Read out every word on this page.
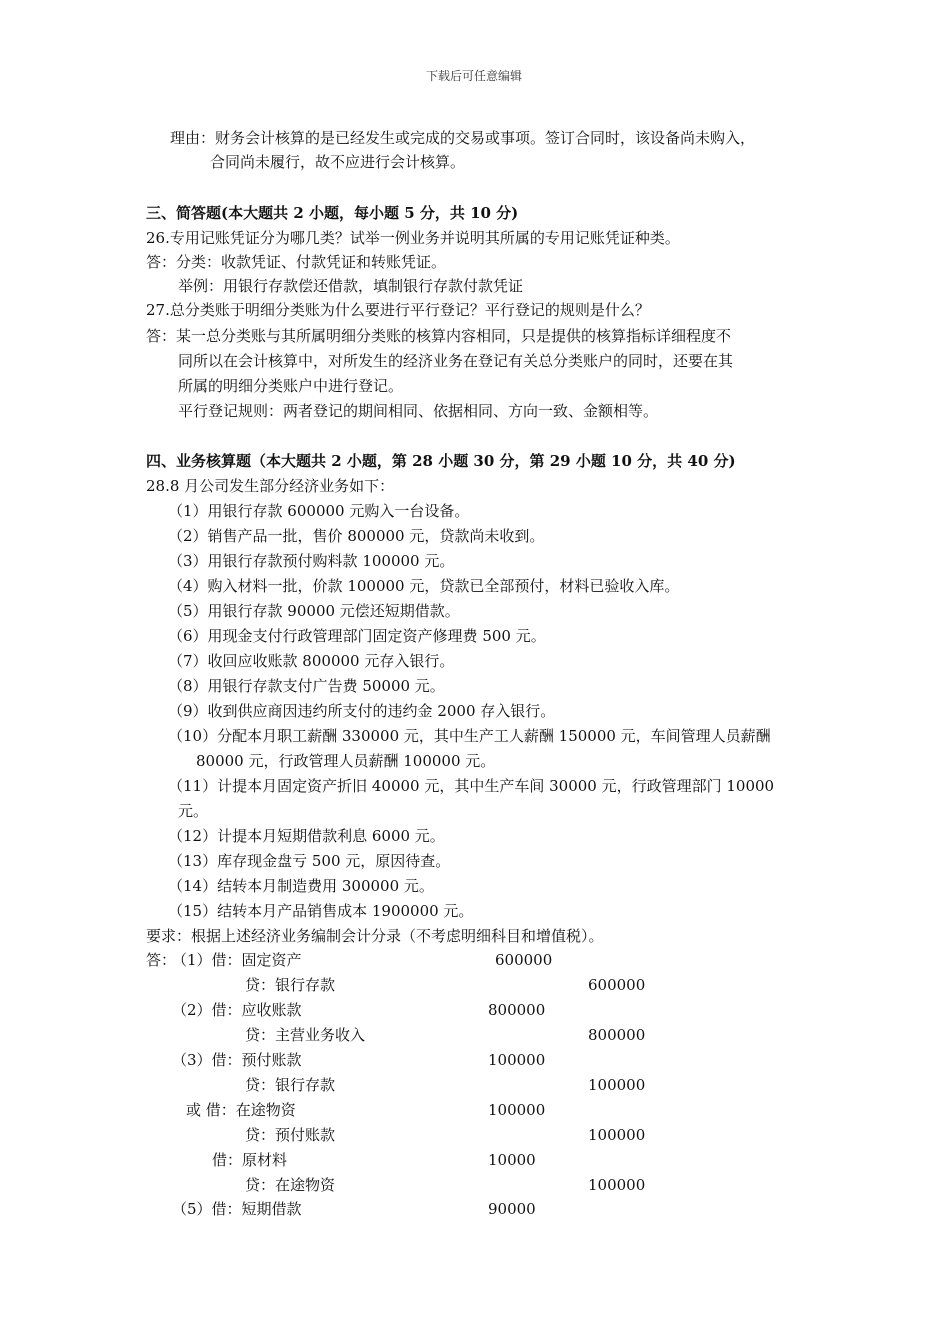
下载后可任意编辑
理由：财务会计核算的是已经发生或完成的交易或事项。签订合同时，该设备尚未购入，
合同尚未履行，故不应进行会计核算。
三、简答题(本大题共 2 小题，每小题 5 分，共 10 分)
26.专用记账凭证分为哪几类？试举一例业务并说明其所属的专用记账凭证种类。
答：分类：收款凭证、付款凭证和转账凭证。
举例：用银行存款偿还借款，填制银行存款付款凭证
27.总分类账于明细分类账为什么要进行平行登记？平行登记的规则是什么？
答：某一总分类账与其所属明细分类账的核算内容相同，只是提供的核算指标详细程度不
同所以在会计核算中，对所发生的经济业务在登记有关总分类账户的同时，还要在其
所属的明细分类账户中进行登记。
平行登记规则：两者登记的期间相同、依据相同、方向一致、金额相等。
四、业务核算题（本大题共 2 小题，第 28 小题 30 分，第 29 小题 10 分，共 40 分)
28.8 月公司发生部分经济业务如下：
（1）用银行存款 600000 元购入一台设备。
（2）销售产品一批，售价 800000 元，贷款尚未收到。
（3）用银行存款预付购料款 100000 元。
（4）购入材料一批，价款 100000 元，贷款已全部预付，材料已验收入库。
（5）用银行存款 90000 元偿还短期借款。
（6）用现金支付行政管理部门固定资产修理费 500 元。
（7）收回应收账款 800000 元存入银行。
（8）用银行存款支付广告费 50000 元。
（9）收到供应商因违约所支付的违约金 2000 存入银行。
（10）分配本月职工薪酬 330000 元，其中生产工人薪酬 150000 元，车间管理人员薪酬
80000 元，行政管理人员薪酬 100000 元。
（11）计提本月固定资产折旧 40000 元，其中生产车间 30000 元，行政管理部门 10000
元。
（12）计提本月短期借款利息 6000 元。
（13）库存现金盘亏 500 元，原因待查。
（14）结转本月制造费用 300000 元。
（15）结转本月产品销售成本 1900000 元。
要求：根据上述经济业务编制会计分录（不考虑明细科目和增值税）。
答：
（1）借：固定资产	600000
贷：银行存款	600000
（2）借：应收账款	800000
贷：主营业务收入	800000
（3）借：预付账款	100000
贷：银行存款	100000
或 借：在途物资	100000
贷：预付账款	100000
借：原材料	10000
贷：在途物资	100000
（5）借：短期借款	90000
